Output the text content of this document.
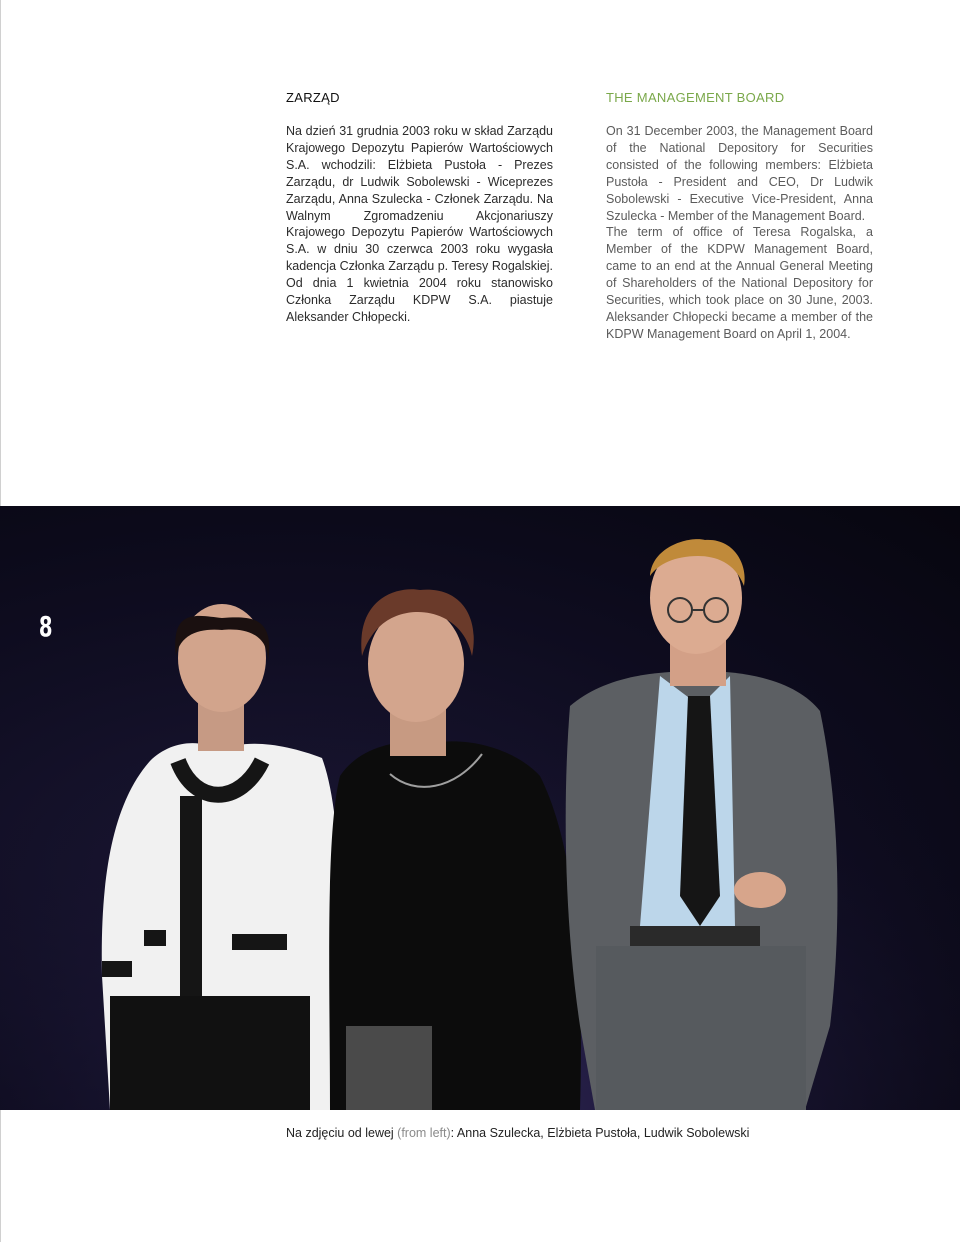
ZARZĄD

Na dzień 31 grudnia 2003 roku w skład Zarządu Krajowego Depozytu Papierów Wartościowych S.A. wchodzili: Elżbieta Pustoła - Prezes Zarządu, dr Ludwik Sobolewski - Wiceprezes Zarządu, Anna Szulecka - Członek Zarządu. Na Walnym Zgromadzeniu Akcjonariuszy Krajowego Depozytu Papierów Wartościowych S.A. w dniu 30 czerwca 2003 roku wygasła kadencja Członka Zarządu p. Teresy Rogalskiej. Od dnia 1 kwietnia 2004 roku stanowisko Członka Zarządu KDPW S.A. piastuje Aleksander Chłopecki.

THE MANAGEMENT BOARD

On 31 December 2003, the Management Board of the National Depository for Securities consisted of the following members: Elżbieta Pustoła - President and CEO, Dr Ludwik Sobolewski - Executive Vice-President, Anna Szulecka - Member of the Management Board.

The term of office of Teresa Rogalska, a Member of the KDPW Management Board, came to an end at the Annual General Meeting of Shareholders of the National Depository for Securities, which took place on 30 June, 2003. Aleksander Chłopecki became a member of the KDPW Management Board on April 1, 2004.

8
Na zdjęciu od lewej (from left): Anna Szulecka, Elżbieta Pustoła, Ludwik Sobolewski
